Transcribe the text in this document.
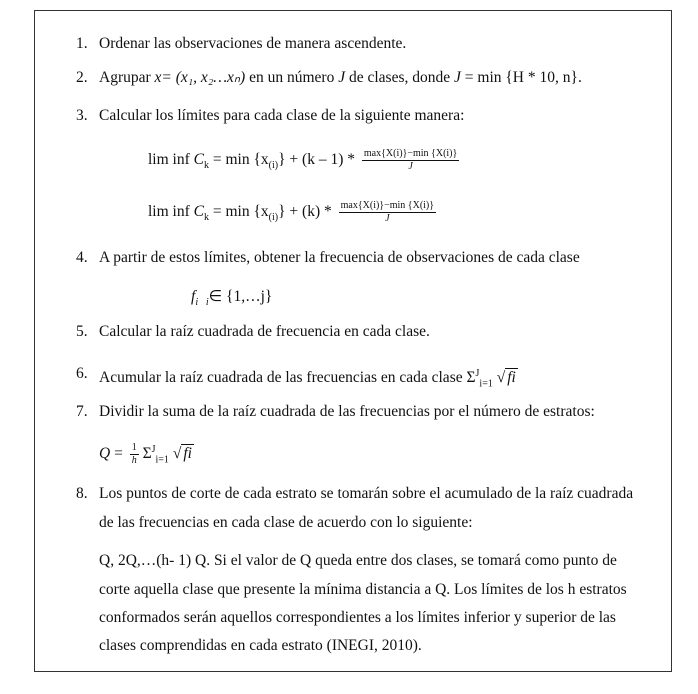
1. Ordenar las observaciones de manera ascendente.
2. Agrupar x= (x₁, x₂…xₙ) en un número J de clases, donde J = min {H * 10, n}.
3. Calcular los límites para cada clase de la siguiente manera:
lim inf $C_k = \min \{x_{(i)}\} + (k - 1) * \frac{\max\{X(i)\}-\min \{X(i)\}}{J}$
lim inf $C_k = \min \{x_{(i)}\} + (k) * \frac{\max\{X(i)\}-\min \{X(i)\}}{J}$
4. A partir de estos límites, obtener la frecuencia de observaciones de cada clase
$f_i$ $_i$∈ {1,…j}
5. Calcular la raíz cuadrada de frecuencia en cada clase.
6. Acumular la raíz cuadrada de las frecuencias en cada clase $\Sigma^J_{i=1}$ √ fi
7. Dividir la suma de la raíz cuadrada de las frecuencias por el número de estratos:
$Q = \frac{1}{h} \Sigma^J_{i=1}$ √ fi
8. Los puntos de corte de cada estrato se tomarán sobre el acumulado de la raíz cuadrada
de las frecuencias en cada clase de acuerdo con lo siguiente:
Q, 2Q,…(h- 1) Q. Si el valor de Q queda entre dos clases, se tomará como punto de
corte aquella clase que presente la mínima distancia a Q. Los límites de los h estratos
conformados serán aquellos correspondientes a los límites inferior y superior de las
clases comprendidas en cada estrato (INEGI, 2010).
